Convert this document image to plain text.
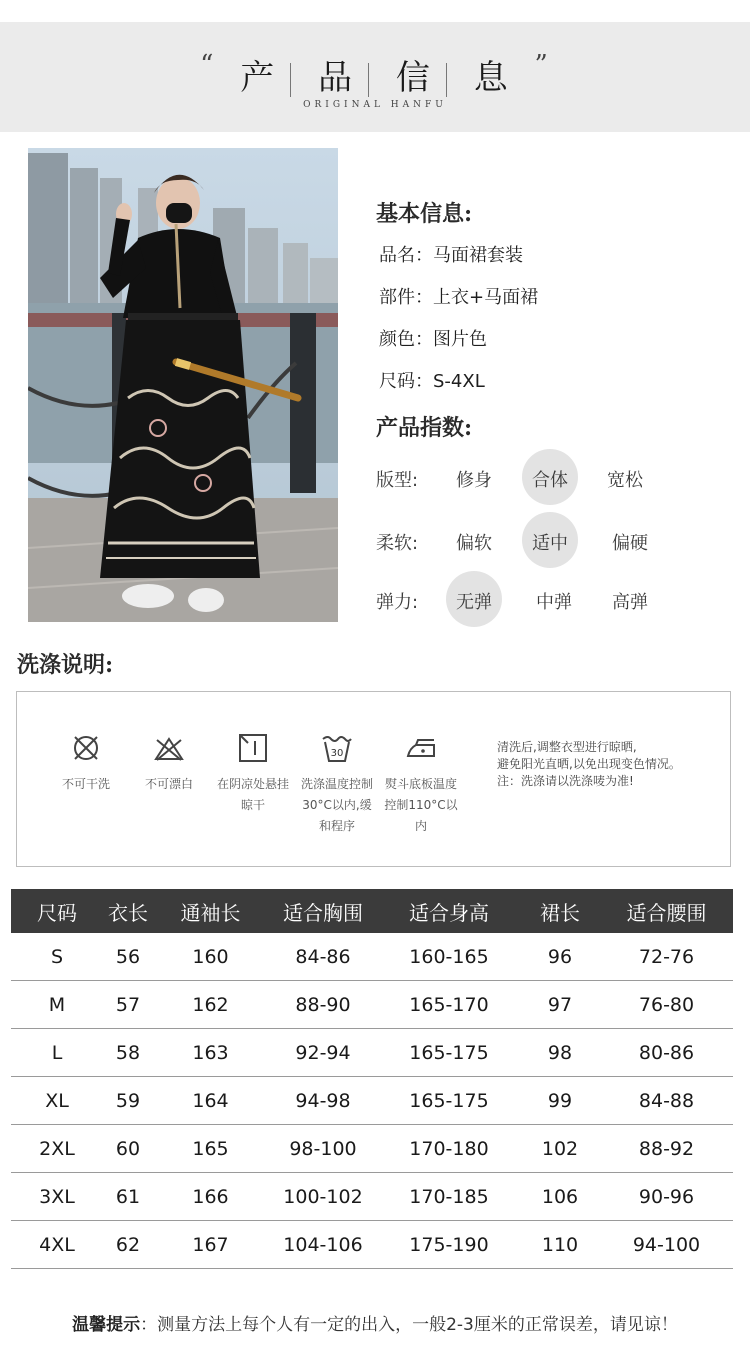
“ 产 品 信 息 ”
ORIGINAL HANFU
基本信息:
品名：马面裙套装
部件：上衣+马面裙
颜色：图片色
尺码：S-4XL
产品指数:
版型:	修身	合体	宽松
柔软:	偏软	适中	偏硬
弹力:	无弹	中弹	高弹
洗涤说明:
不可干洗	不可漂白	在阴凉处悬挂
晾干
30
洗涤温度控制
30°C以内,缓
和程序
熨斗底板温度
控制110°C以
内
清洗后,调整衣型进行晾晒,
避免阳光直晒,以免出现变色情况。
注：洗涤请以洗涤唛为准!
尺码	衣长	通袖长	适合胸围	适合身高	裙长	适合腰围
S	56	160	84-86	160-165	96	72-76
M	57	162	88-90	165-170	97	76-80
L	58	163	92-94	165-175	98	80-86
XL	59	164	94-98	165-175	99	84-88
2XL	60	165	98-100	170-180	102	88-92
3XL	61	166	100-102	170-185	106	90-96
4XL	62	167	104-106	175-190	110	94-100
温馨提示：测量方法上每个人有一定的出入，一般2-3厘米的正常误差，请见谅！
